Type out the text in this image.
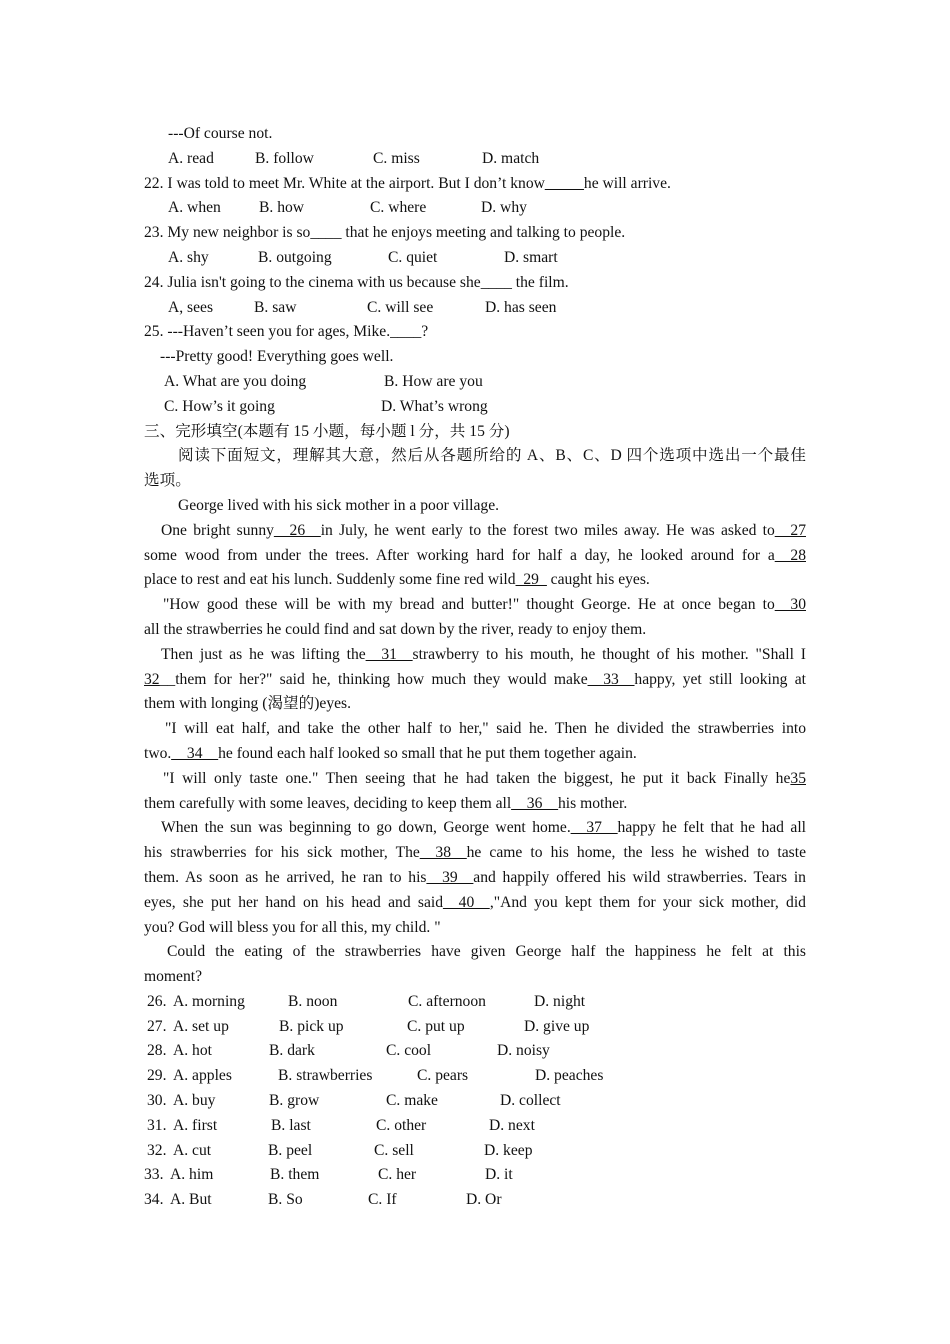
---Of course not.
A. read	B. follow	C. miss	D. match
22. I was told to meet Mr. White at the airport. But I don’t know_____he will arrive.
A. when B. how	C. where	D. why
23. My new neighbor is so____ that he enjoys meeting and talking to people.
A. shy	B. outgoing	C. quiet	D. smart
24. Julia isn't going to the cinema with us because she____ the film.
A, sees	B. saw	C. will see	D. has seen
25. ---Haven’t seen you for ages, Mike.____?
---Pretty good! Everything goes well.
A. What are you doing	B. How are you
C. How’s it going	D. What’s wrong
三、完形填空(本题有 15 小题，每小题 l 分，共 15 分)
阅读下面短文，理解其大意，然后从各题所给的 A、B、C、D 四个选项中选出一个最佳
选项。
George lived with his sick mother in a poor village.
One bright sunny__26__in July, he went early to the forest two miles away. He was asked to__27
some wood from under the trees. After working hard for half a day, he looked around for a__28
place to rest and eat his lunch. Suddenly some fine red wild_29_ caught his eyes.
"How good these will be with my bread and butter!" thought George. He at once began to__30
all the strawberries he could find and sat down by the river, ready to enjoy them.
Then just as he was lifting the__31__strawberry to his mouth, he thought of his mother. "Shall I
32__them for her?" said he, thinking how much they would make__33__happy, yet still looking at
them with longing (渴望的)eyes.
"I will eat half, and take the other half to her," said he. Then he divided the strawberries into
two.__34__he found each half looked so small that he put them together again.
"I will only taste one." Then seeing that he had taken the biggest, he put it back Finally he35
them carefully with some leaves, deciding to keep them all__36__his mother.
When the sun was beginning to go down, George went home.__37__happy he felt that he had all
his strawberries for his sick mother, The__38__he came to his home, the less he wished to taste
them. As soon as he arrived, he ran to his__39__and happily offered his wild strawberries. Tears in
eyes, she put her hand on his head and said__40__,"And you kept them for your sick mother, did
you? God will bless you for all this, my child. "
Could the eating of the strawberries have given George half the happiness he felt at this
moment?
26. A. morning	B. noon	C. afternoon	D. night
27. A. set up	B. pick up	C. put up	D. give up
28. A. hot	B. dark	C. cool	D. noisy
29. A. apples	B. strawberries	C. pears	D. peaches
30. A. buy	B. grow	C. make	D. collect
31. A. first	B. last	C. other	D. next
32. A. cut	B. peel	C. sell	D. keep
33. A. him	B. them	C. her	D. it
34. A. But	B. So	C. If	D. Or
